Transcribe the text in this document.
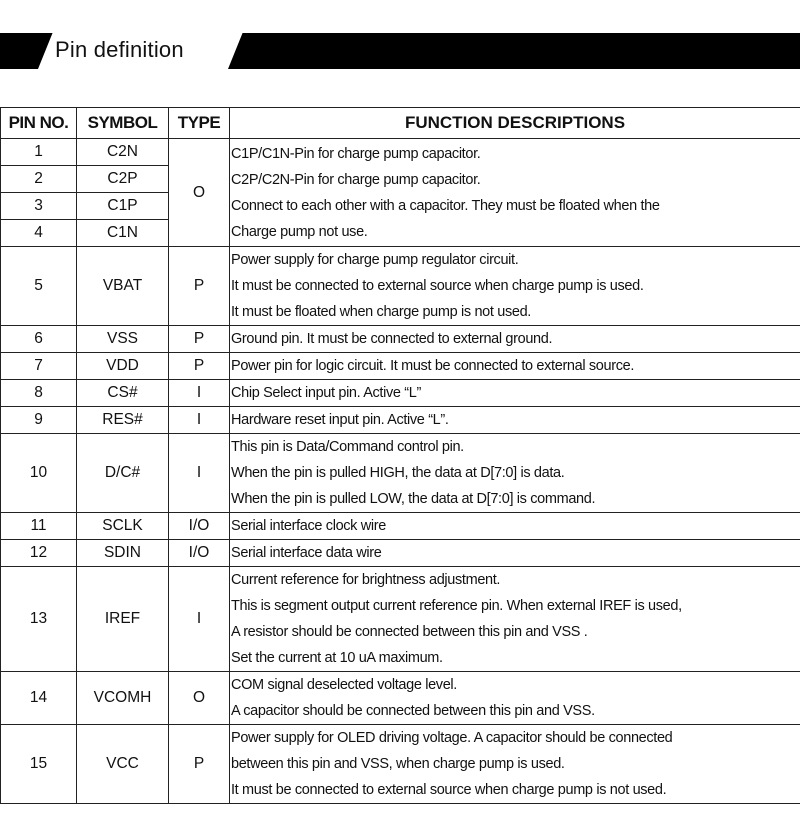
Pin definition
PIN NO.	SYMBOL	TYPE	FUNCTION DESCRIPTIONS
1	C2N	O	C1P/C1N-Pin for charge pump capacitor.
C2P/C2N-Pin for charge pump capacitor.
Connect to each other with a capacitor. They must be floated when the
Charge pump not use.

2	C2P		
3	C1P		
4	C1N		
5	VBAT	P	Power supply for charge pump regulator circuit.
It must be connected to external source when charge pump is used.
It must be floated when charge pump is not used.

6	VSS	P	Ground pin. It must be connected to external ground.

7	VDD	P	Power pin for logic circuit. It must be connected to external source.

8	CS#	I	Chip Select input pin. Active “L”

9	RES#	I	Hardware reset input pin. Active “L”.

10	D/C#	I	This pin is Data/Command control pin.
When the pin is pulled HIGH, the data at D[7:0] is data.
When the pin is pulled LOW, the data at D[7:0] is command.

11	SCLK	I/O	Serial interface clock wire

12	SDIN	I/O	Serial interface data wire

13	IREF	I	Current reference for brightness adjustment.
This is segment output current reference pin. When external IREF is used,
A resistor should be connected between this pin and VSS .
Set the current at 10 uA maximum.

14	VCOMH	O	COM signal deselected voltage level.
A capacitor should be connected between this pin and VSS.

15	VCC	P	Power supply for OLED driving voltage. A capacitor should be connected
between this pin and VSS, when charge pump is used.
It must be connected to external source when charge pump is not used.
